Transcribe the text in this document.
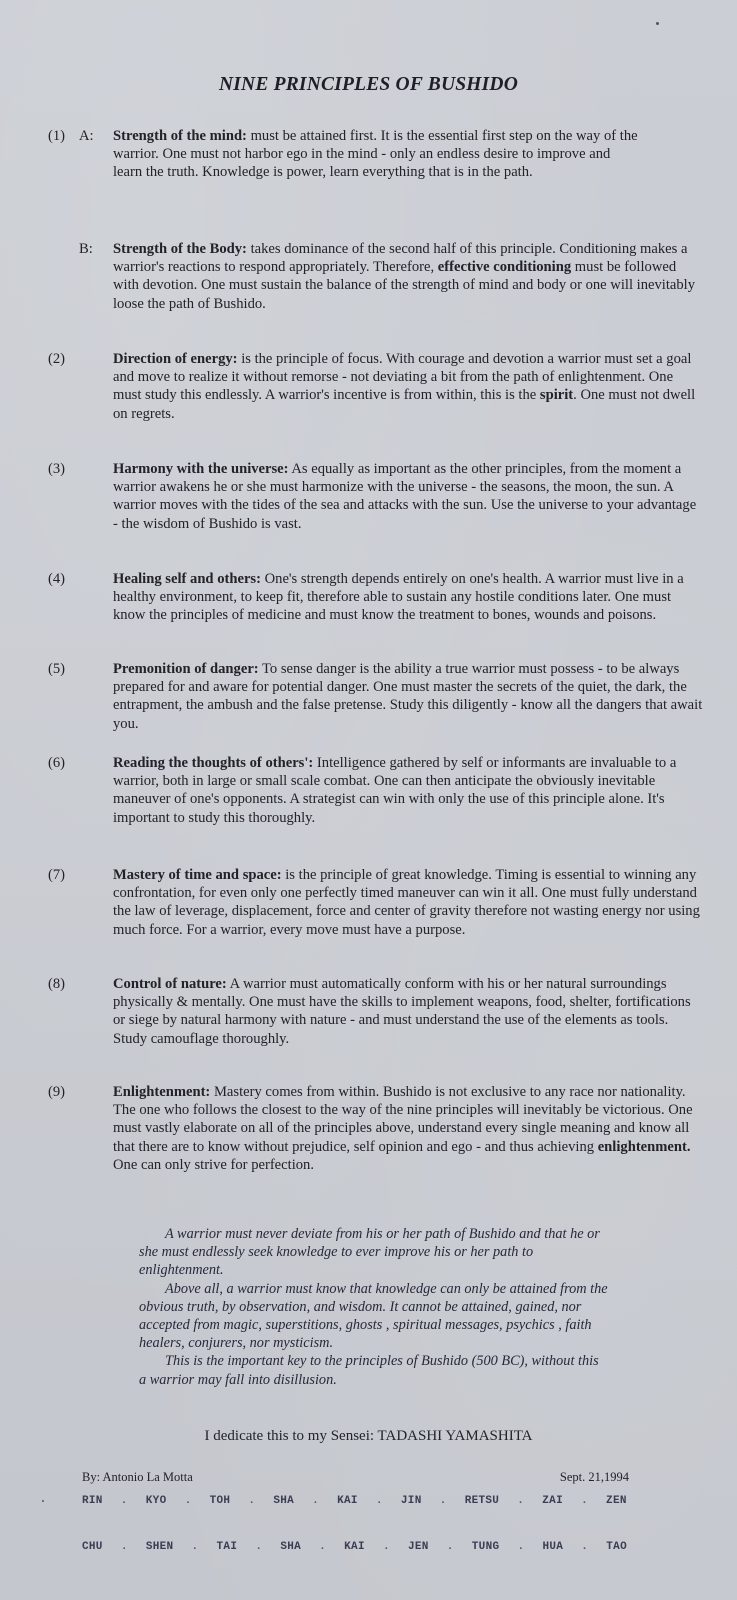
NINE PRINCIPLES OF BUSHIDO
(1) A: Strength of the mind: must be attained first. It is the essential first step on the way of the warrior. One must not harbor ego in the mind - only an endless desire to improve and learn the truth. Knowledge is power, learn everything that is in the path.
B: Strength of the Body: takes dominance of the second half of this principle. Conditioning makes a warrior's reactions to respond appropriately. Therefore, effective conditioning must be followed with devotion. One must sustain the balance of the strength of mind and body or one will inevitably loose the path of Bushido.
(2)	Direction of energy: is the principle of focus. With courage and devotion a warrior must set a goal and move to realize it without remorse - not deviating a bit from the path of enlightenment. One must study this endlessly. A warrior's incentive is from within, this is the spirit. One must not dwell on regrets.
(3)	Harmony with the universe: As equally as important as the other principles, from the moment a warrior awakens he or she must harmonize with the universe - the seasons, the moon, the sun. A warrior moves with the tides of the sea and attacks with the sun. Use the universe to your advantage - the wisdom of Bushido is vast.
(4)	Healing self and others: One's strength depends entirely on one's health. A warrior must live in a healthy environment, to keep fit, therefore able to sustain any hostile conditions later. One must know the principles of medicine and must know the treatment to bones, wounds and poisons.
(5)	Premonition of danger: To sense danger is the ability a true warrior must possess - to be always prepared for and aware for potential danger. One must master the secrets of the quiet, the dark, the entrapment, the ambush and the false pretense. Study this diligently - know all the dangers that await you.
(6)	Reading the thoughts of others': Intelligence gathered by self or informants are invaluable to a warrior, both in large or small scale combat. One can then anticipate the obviously inevitable maneuver of one's opponents. A strategist can win with only the use of this principle alone. It's important to study this thoroughly.
(7)	Mastery of time and space: is the principle of great knowledge. Timing is essential to winning any confrontation, for even only one perfectly timed maneuver can win it all. One must fully understand the law of leverage, displacement, force and center of gravity therefore not wasting energy nor using much force. For a warrior, every move must have a purpose.
(8)	Control of nature: A warrior must automatically conform with his or her natural surroundings physically & mentally. One must have the skills to implement weapons, food, shelter, fortifications or siege by natural harmony with nature - and must understand the use of the elements as tools. Study camouflage thoroughly.
(9)	Enlightenment: Mastery comes from within. Bushido is not exclusive to any race nor nationality. The one who follows the closest to the way of the nine principles will inevitably be victorious. One must vastly elaborate on all of the principles above, understand every single meaning and know all that there are to know without prejudice, self opinion and ego - and thus achieving enlightenment. One can only strive for perfection.

A warrior must never deviate from his or her path of Bushido and that he or she must endlessly seek knowledge to ever improve his or her path to enlightenment.

Above all, a warrior must know that knowledge can only be attained from the obvious truth, by observation, and wisdom. It cannot be attained, gained, nor accepted from magic, superstitions, ghosts , spiritual messages, psychics , faith healers, conjurers, nor mysticism.

This is the important key to the principles of Bushido (500 BC), without this a warrior may fall into disillusion.

I dedicate this to my Sensei: TADASHI YAMASHITA
By: Antonio La Motta	Sept. 21,1994
RIN . KYO . TOH . SHA . KAI . JIN . RETSU . ZAI . ZEN
CHU . SHEN . TAI . SHA . KAI . JEN . TUNG . HUA . TAO
